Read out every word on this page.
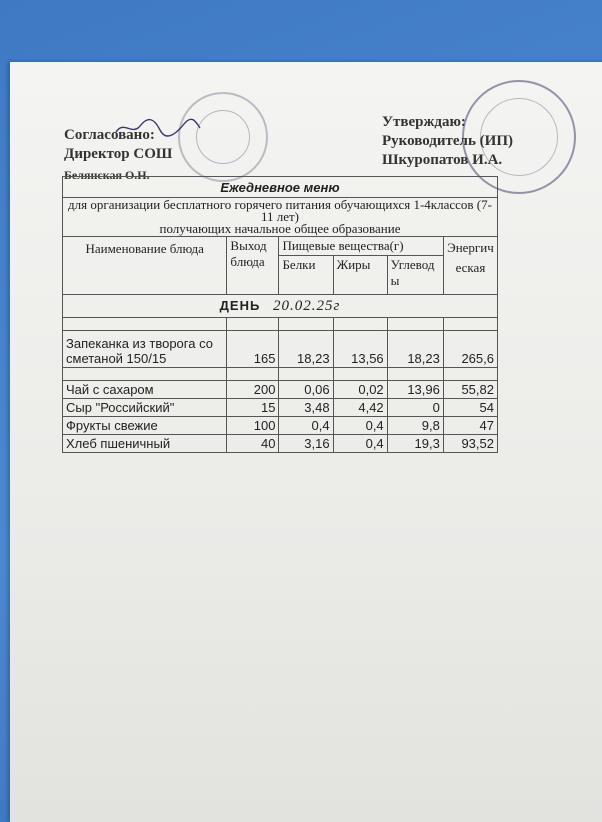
Согласовано:
Директор СОШ
Белянская О.Н.
Утверждаю:
Руководитель (ИП)
Шкуропатов И.А.
Ежедневное меню					

для организации бесплатного горячего питания обучающихся 1-4классов (7-11 лет)
получающих начальное общее образование					

Наименование блюда	Выход блюда	Пищевые вещества(г)			Энергическая
		Белки	Жиры	Углеводы	
ДЕНЬ 20.02.25г					

Запеканка из творога со сметаной 150/15	165	18,23	13,56	18,23	265,6

Чай с сахаром	200	0,06	0,02	13,96	55,82
Сыр "Российский"	15	3,48	4,42	0	54
Фрукты свежие	100	0,4	0,4	9,8	47
Хлеб пшеничный	40	3,16	0,4	19,3	93,52
